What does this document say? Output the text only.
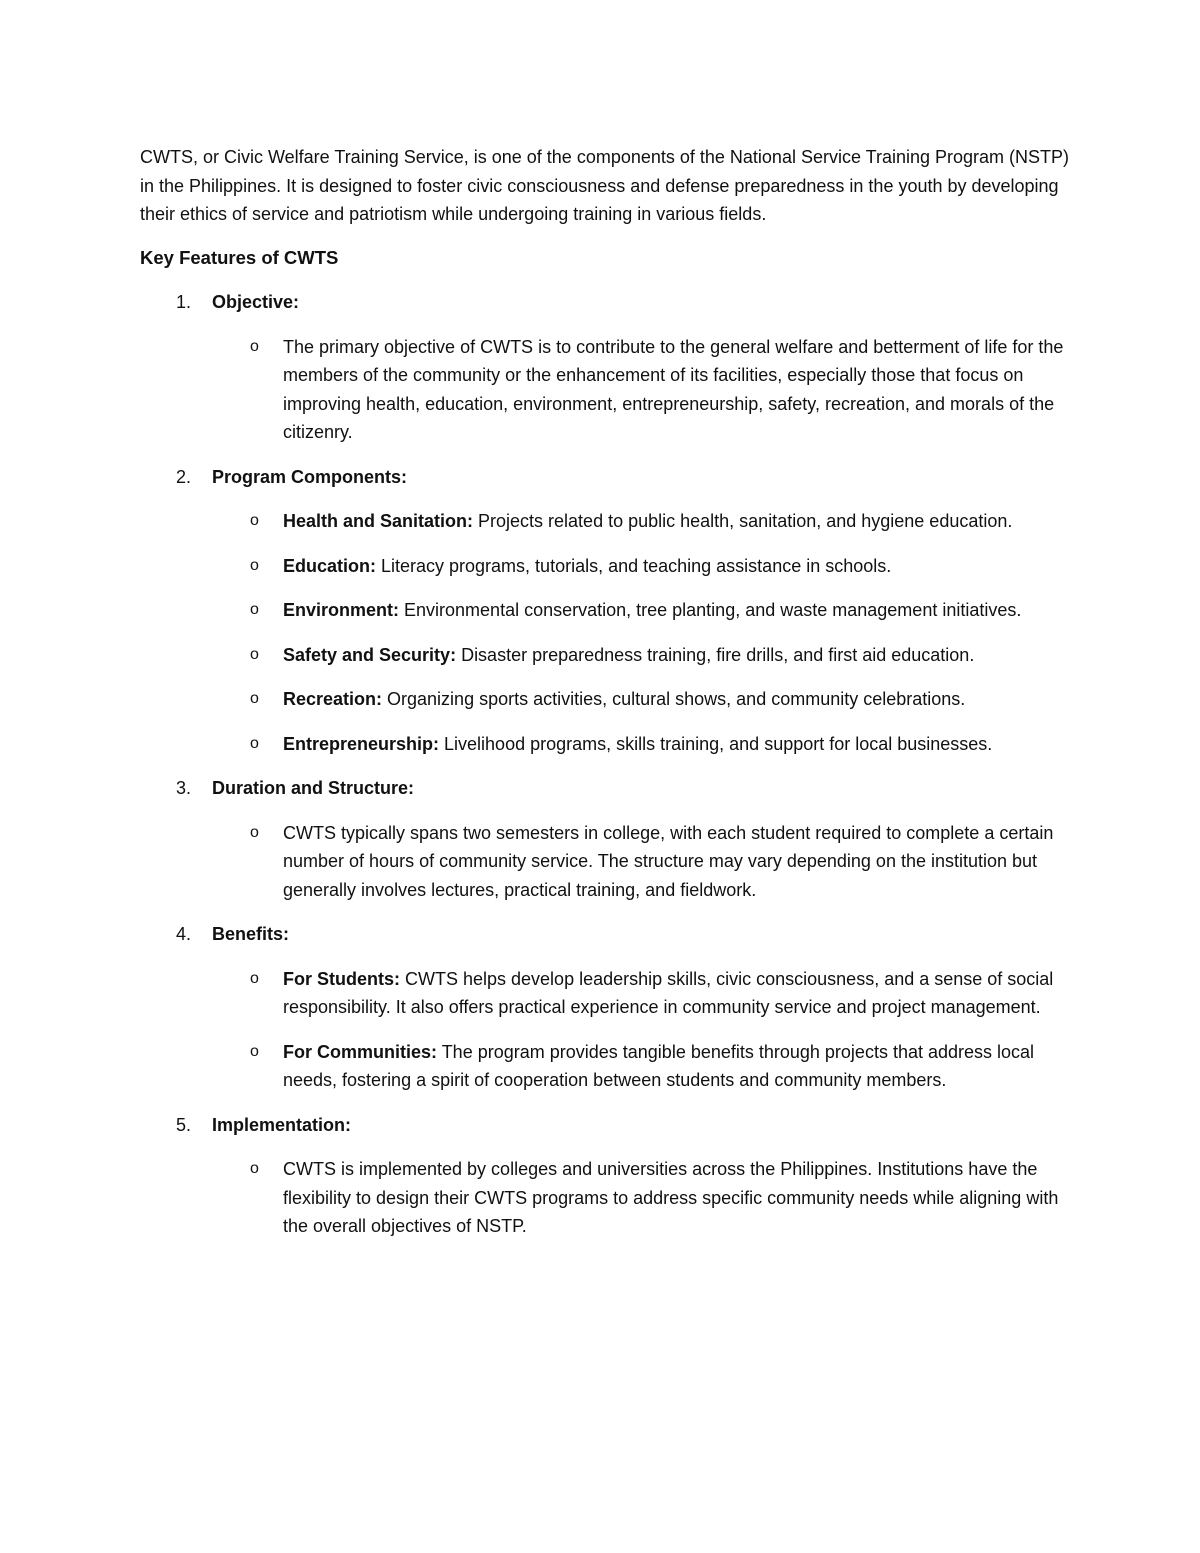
CWTS, or Civic Welfare Training Service, is one of the components of the National Service Training Program (NSTP) in the Philippines. It is designed to foster civic consciousness and defense preparedness in the youth by developing their ethics of service and patriotism while undergoing training in various fields.

Key Features of CWTS
1. Objective:
o The primary objective of CWTS is to contribute to the general welfare and betterment of life for the members of the community or the enhancement of its facilities, especially those that focus on improving health, education, environment, entrepreneurship, safety, recreation, and morals of the citizenry.
2. Program Components:
o Health and Sanitation: Projects related to public health, sanitation, and hygiene education.
o Education: Literacy programs, tutorials, and teaching assistance in schools.
o Environment: Environmental conservation, tree planting, and waste management initiatives.
o Safety and Security: Disaster preparedness training, fire drills, and first aid education.
o Recreation: Organizing sports activities, cultural shows, and community celebrations.
o Entrepreneurship: Livelihood programs, skills training, and support for local businesses.
3. Duration and Structure:
o CWTS typically spans two semesters in college, with each student required to complete a certain number of hours of community service. The structure may vary depending on the institution but generally involves lectures, practical training, and fieldwork.
4. Benefits:
o For Students: CWTS helps develop leadership skills, civic consciousness, and a sense of social responsibility. It also offers practical experience in community service and project management.
o For Communities: The program provides tangible benefits through projects that address local needs, fostering a spirit of cooperation between students and community members.
5. Implementation:
o CWTS is implemented by colleges and universities across the Philippines. Institutions have the flexibility to design their CWTS programs to address specific community needs while aligning with the overall objectives of NSTP.
